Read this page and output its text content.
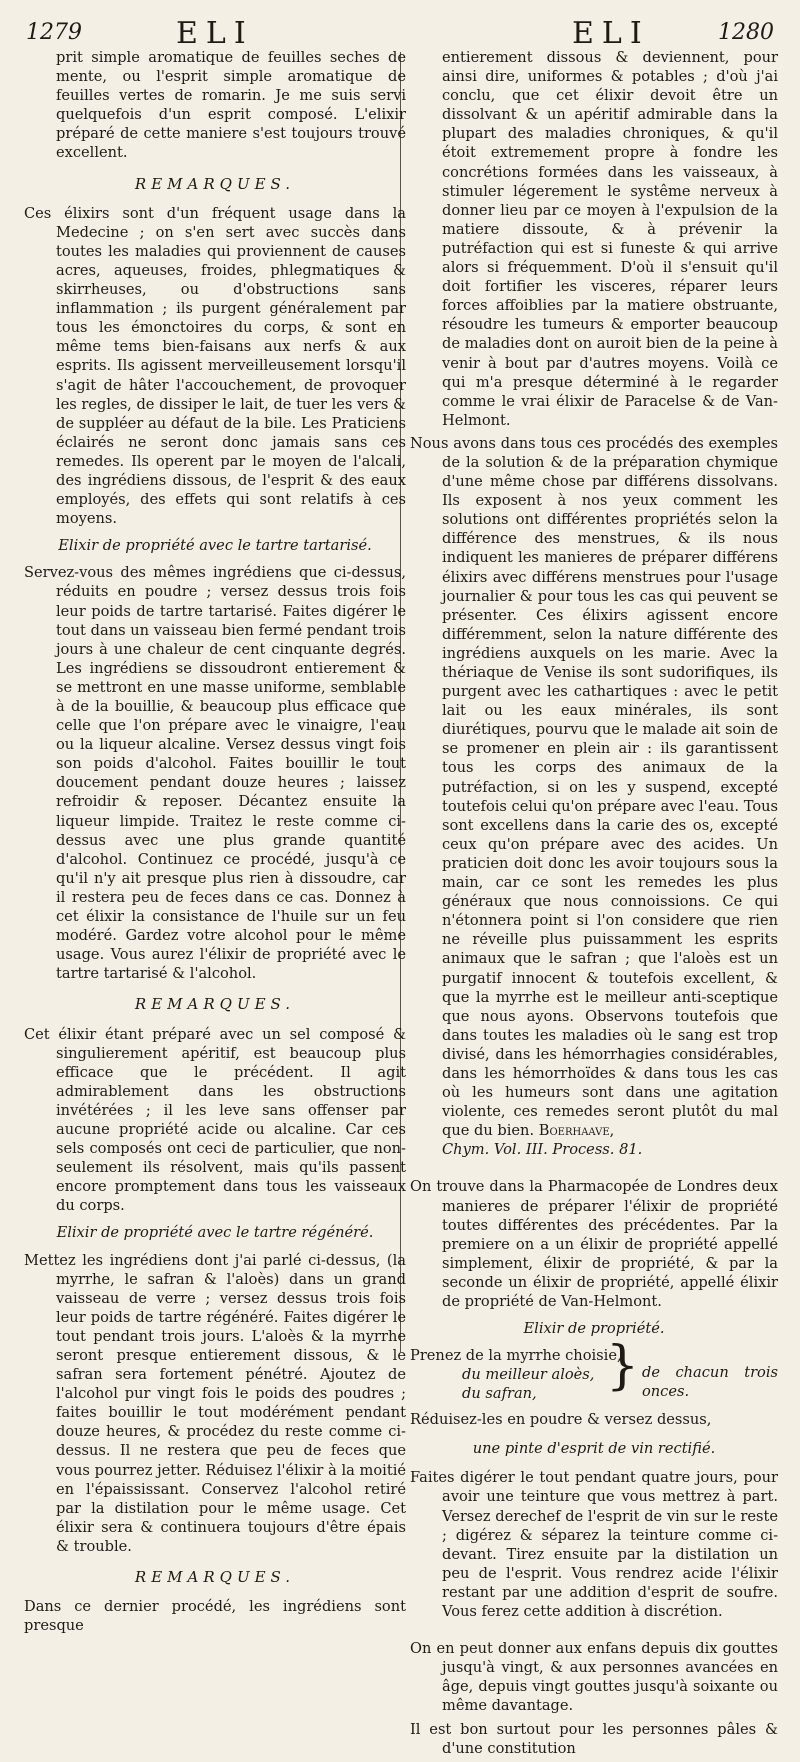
1279	ELI	ELI	1280

prit simple aromatique de feuilles seches de mente, ou l'esprit simple aromatique de feuilles vertes de romarin. Je me suis servi quelquefois d'un esprit composé. L'elixir préparé de cette maniere s'est toujours trouvé excellent.

REMARQUES.

Ces élixirs sont d'un fréquent usage dans la Medecine ; on s'en sert avec succès dans toutes les maladies qui proviennent de causes acres, aqueuses, froides, phlegmatiques & skirrheuses, ou d'obstructions sans inflammation ; ils purgent généralement par tous les émonctoires du corps, & sont en même tems bien-faisans aux nerfs & aux esprits. Ils agissent merveilleusement lorsqu'il s'agit de hâter l'accouchement, de provoquer les regles, de dissiper le lait, de tuer les vers & de suppléer au défaut de la bile. Les Praticiens éclairés ne seront donc jamais sans ces remedes. Ils operent par le moyen de l'alcali, des ingrédiens dissous, de l'esprit & des eaux employés, des effets qui sont relatifs à ces moyens.

Elixir de propriété avec le tartre tartarisé.

Servez-vous des mêmes ingrédiens que ci-dessus, réduits en poudre ; versez dessus trois fois leur poids de tartre tartarisé. Faites digérer le tout dans un vaisseau bien fermé pendant trois jours à une chaleur de cent cinquante degrés. Les ingrédiens se dissoudront entierement & se mettront en une masse uniforme, semblable à de la bouillie, & beaucoup plus efficace que celle que l'on prépare avec le vinaigre, l'eau ou la liqueur alcaline. Versez dessus vingt fois son poids d'alcohol. Faites bouillir le tout doucement pendant douze heures ; laissez refroidir & reposer. Décantez ensuite la liqueur limpide. Traitez le reste comme ci-dessus avec une plus grande quantité d'alcohol. Continuez ce procédé, jusqu'à ce qu'il n'y ait presque plus rien à dissoudre, car il restera peu de feces dans ce cas. Donnez à cet élixir la consistance de l'huile sur un feu modéré. Gardez votre alcohol pour le même usage. Vous aurez l'élixir de propriété avec le tartre tartarisé & l'alcohol.

REMARQUES.

Cet élixir étant préparé avec un sel composé & singulierement apéritif, est beaucoup plus efficace que le précédent. Il agit admirablement dans les obstructions invétérées ; il les leve sans offenser par aucune propriété acide ou alcaline. Car ces sels composés ont ceci de particulier, que non-seulement ils résolvent, mais qu'ils passent encore promptement dans tous les vaisseaux du corps.

Elixir de propriété avec le tartre régénéré.

Mettez les ingrédiens dont j'ai parlé ci-dessus, (la myrrhe, le safran & l'aloès) dans un grand vaisseau de verre ; versez dessus trois fois leur poids de tartre régénéré. Faites digérer le tout pendant trois jours. L'aloès & la myrrhe seront presque entierement dissous, & le safran sera fortement pénétré. Ajoutez de l'alcohol pur vingt fois le poids des poudres ; faites bouillir le tout modérément pendant douze heures, & procédez du reste comme ci-dessus. Il ne restera que peu de feces que vous pourrez jetter. Réduisez l'élixir à la moitié en l'épaississant. Conservez l'alcohol retiré par la distilation pour le même usage. Cet élixir sera & continuera toujours d'être épais & trouble.

REMARQUES.

Dans ce dernier procédé, les ingrédiens sont presque

entierement dissous & deviennent, pour ainsi dire, uniformes & potables ; d'où j'ai conclu, que cet élixir devoit être un dissolvant & un apéritif admirable dans la plupart des maladies chroniques, & qu'il étoit extremement propre à fondre les concrétions formées dans les vaisseaux, à stimuler légerement le systême nerveux à donner lieu par ce moyen à l'expulsion de la matiere dissoute, & à prévenir la putréfaction qui est si funeste & qui arrive alors si fréquemment. D'où il s'ensuit qu'il doit fortifier les visceres, réparer leurs forces affoiblies par la matiere obstruante, résoudre les tumeurs & emporter beaucoup de maladies dont on auroit bien de la peine à venir à bout par d'autres moyens. Voilà ce qui m'a presque déterminé à le regarder comme le vrai élixir de Paracelse & de Van-Helmont.

Nous avons dans tous ces procédés des exemples de la solution & de la préparation chymique d'une même chose par différens dissolvans. Ils exposent à nos yeux comment les solutions ont différentes propriétés selon la différence des menstrues, & ils nous indiquent les manieres de préparer différens élixirs avec différens menstrues pour l'usage journalier & pour tous les cas qui peuvent se présenter. Ces élixirs agissent encore différemment, selon la nature différente des ingrédiens auxquels on les marie. Avec la thériaque de Venise ils sont sudorifiques, ils purgent avec les cathartiques : avec le petit lait ou les eaux minérales, ils sont diurétiques, pourvu que le malade ait soin de se promener en plein air : ils garantissent tous les corps des animaux de la putréfaction, si on les y suspend, excepté toutefois celui qu'on prépare avec l'eau. Tous sont excellens dans la carie des os, excepté ceux qu'on prépare avec des acides. Un praticien doit donc les avoir toujours sous la main, car ce sont les remedes les plus généraux que nous connoissions. Ce qui n'étonnera point si l'on considere que rien ne réveille plus puissamment les esprits animaux que le safran ; que l'aloès est un purgatif innocent & toutefois excellent, & que la myrrhe est le meilleur anti-sceptique que nous ayons. Observons toutefois que dans toutes les maladies où le sang est trop divisé, dans les hémorrhagies considérables, dans les hémorrhoïdes & dans tous les cas où les humeurs sont dans une agitation violente, ces remedes seront plutôt du mal que du bien. Boerhaave,
Chym. Vol. III. Process. 81.

On trouve dans la Pharmacopée de Londres deux manieres de préparer l'élixir de propriété toutes différentes des précédentes. Par la premiere on a un élixir de propriété appellé simplement, élixir de propriété, & par la seconde un élixir de propriété, appellé élixir de propriété de Van-Helmont.

Elixir de propriété.
Prenez de la myrrhe choisie,
du meilleur aloès,
du safran, } de chacun trois onces.

Réduisez-les en poudre & versez dessus,

une pinte d'esprit de vin rectifié.

Faites digérer le tout pendant quatre jours, pour avoir une teinture que vous mettrez à part. Versez derechef de l'esprit de vin sur le reste ; digérez & séparez la teinture comme ci-devant. Tirez ensuite par la distilation un peu de l'esprit. Vous rendrez acide l'élixir restant par une addition d'esprit de soufre. Vous ferez cette addition à discrétion.

On en peut donner aux enfans depuis dix gouttes jusqu'à vingt, & aux personnes avancées en âge, depuis vingt gouttes jusqu'à soixante ou même davantage.

Il est bon surtout pour les personnes pâles & d'une constitution
